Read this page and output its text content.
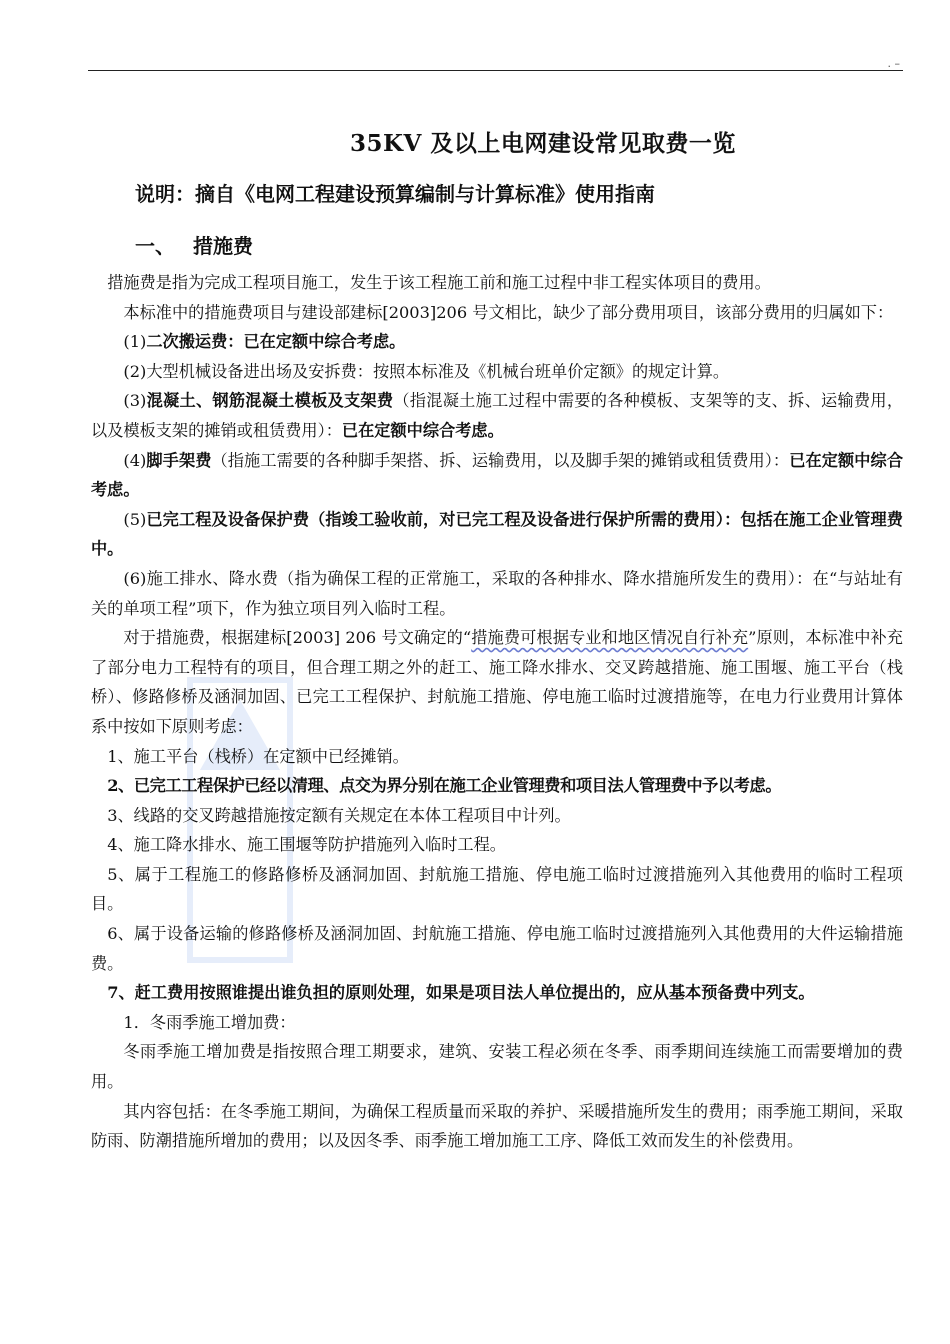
. –
35KV 及以上电网建设常见取费一览
说明：摘自《电网工程建设预算编制与计算标准》使用指南
一、 措施费

措施费是指为完成工程项目施工，发生于该工程施工前和施工过程中非工程实体项目的费用。

本标准中的措施费项目与建设部建标[2003]206 号文相比，缺少了部分费用项目，该部分费用的归属如下：

(1)二次搬运费：已在定额中综合考虑。

(2)大型机械设备进出场及安拆费：按照本标准及《机械台班单价定额》的规定计算。

(3)混凝土、钢筋混凝土模板及支架费（指混凝土施工过程中需要的各种模板、支架等的支、拆、运输费用，以及模板支架的摊销或租赁费用）：已在定额中综合考虑。

(4)脚手架费（指施工需要的各种脚手架搭、拆、运输费用，以及脚手架的摊销或租赁费用）：已在定额中综合考虑。

(5)已完工程及设备保护费（指竣工验收前，对已完工程及设备进行保护所需的费用）：包括在施工企业管理费中。

(6)施工排水、降水费（指为确保工程的正常施工，采取的各种排水、降水措施所发生的费用）：在“与站址有关的单项工程”项下，作为独立项目列入临时工程。

对于措施费，根据建标[2003] 206 号文确定的“措施费可根据专业和地区情况自行补充”原则，本标准中补充了部分电力工程特有的项目，但合理工期之外的赶工、施工降水排水、交叉跨越措施、施工围堰、施工平台（栈桥）、修路修桥及涵洞加固、已完工工程保护、封航施工措施、停电施工临时过渡措施等，在电力行业费用计算体系中按如下原则考虑：

1、施工平台（栈桥）在定额中已经摊销。

2、已完工工程保护已经以清理、点交为界分别在施工企业管理费和项目法人管理费中予以考虑。

3、线路的交叉跨越措施按定额有关规定在本体工程项目中计列。

4、施工降水排水、施工围堰等防护措施列入临时工程。

5、属于工程施工的修路修桥及涵洞加固、封航施工措施、停电施工临时过渡措施列入其他费用的临时工程项目。

6、属于设备运输的修路修桥及涵洞加固、封航施工措施、停电施工临时过渡措施列入其他费用的大件运输措施费。

7、赶工费用按照谁提出谁负担的原则处理，如果是项目法人单位提出的，应从基本预备费中列支。

1．冬雨季施工增加费：

冬雨季施工增加费是指按照合理工期要求，建筑、安装工程必须在冬季、雨季期间连续施工而需要增加的费用。

其内容包括：在冬季施工期间，为确保工程质量而采取的养护、采暖措施所发生的费用；雨季施工期间，采取防雨、防潮措施所增加的费用；以及因冬季、雨季施工增加施工工序、降低工效而发生的补偿费用。
